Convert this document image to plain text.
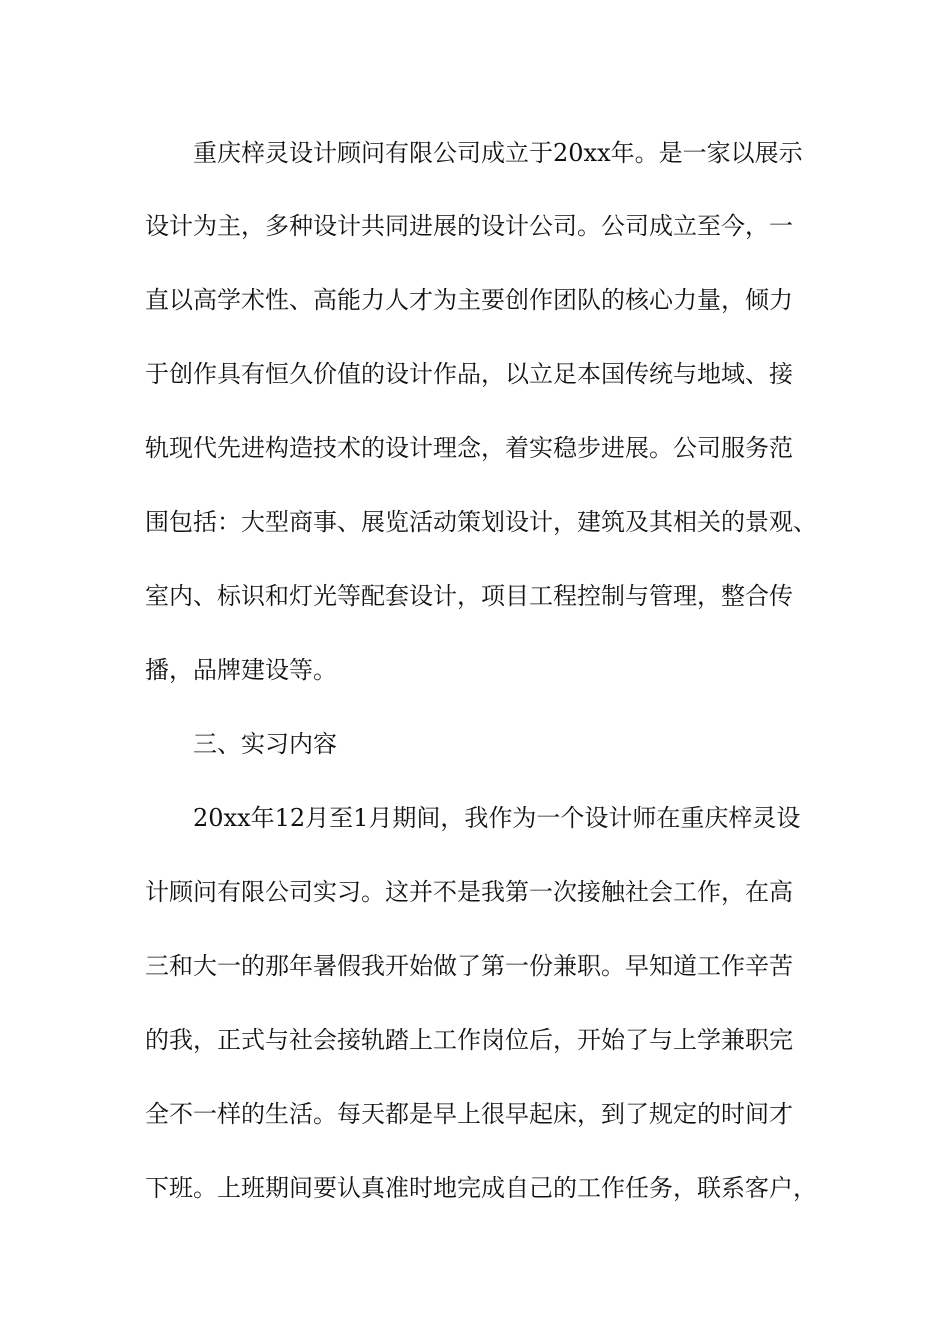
重庆梓灵设计顾问有限公司成立于20xx年。是一家以展示
设计为主，多种设计共同进展的设计公司。公司成立至今，一
直以高学术性、高能力人才为主要创作团队的核心力量，倾力
于创作具有恒久价值的设计作品，以立足本国传统与地域、接
轨现代先进构造技术的设计理念，着实稳步进展。公司服务范
围包括：大型商事、展览活动策划设计，建筑及其相关的景观、
室内、标识和灯光等配套设计，项目工程控制与管理，整合传
播，品牌建设等。
三、实习内容
20xx年12月至1月期间，我作为一个设计师在重庆梓灵设
计顾问有限公司实习。这并不是我第一次接触社会工作，在高
三和大一的那年暑假我开始做了第一份兼职。早知道工作辛苦
的我，正式与社会接轨踏上工作岗位后，开始了与上学兼职完
全不一样的生活。每天都是早上很早起床，到了规定的时间才
下班。上班期间要认真准时地完成自己的工作任务，联系客户，
